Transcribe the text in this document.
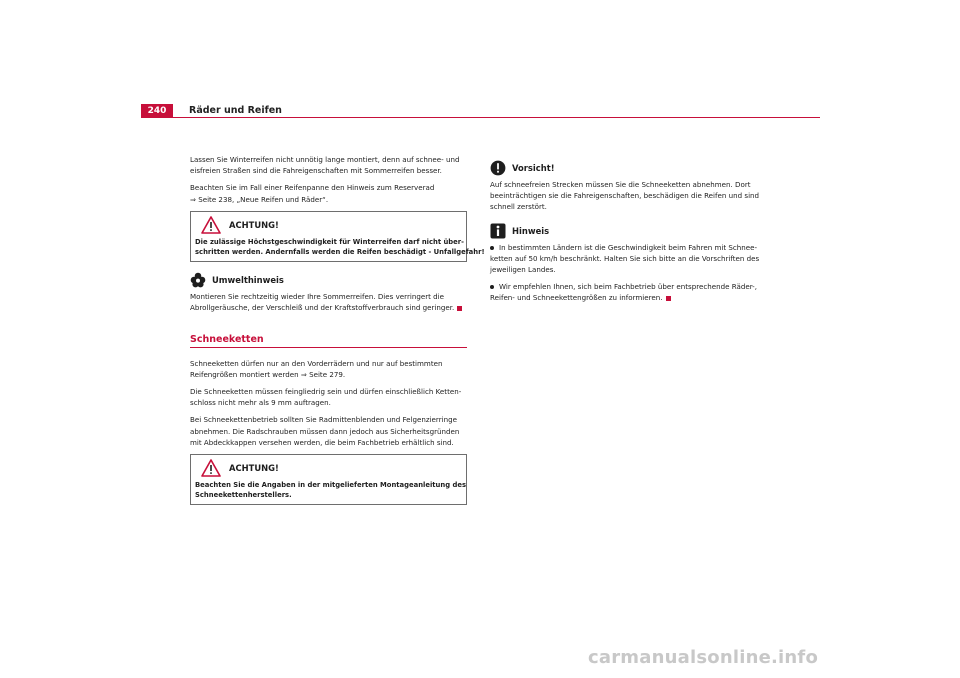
240	Räder und Reifen

Lassen Sie Winterreifen nicht unnötig lange montiert, denn auf schnee- und
eisfreien Straßen sind die Fahreigenschaften mit Sommerreifen besser.

Beachten Sie im Fall einer Reifenpanne den Hinweis zum Reserverad
⇒ Seite 238, „Neue Reifen und Räder“.

ACHTUNG!
Die zulässige Höchstgeschwindigkeit für Winterreifen darf nicht über-
schritten werden. Andernfalls werden die Reifen beschädigt - Unfallgefahr!
Umwelthinweis

Montieren Sie rechtzeitig wieder Ihre Sommerreifen. Dies verringert die
Abrollgeräusche, der Verschleiß und der Kraftstoffverbrauch sind geringer.

Schneeketten

Schneeketten dürfen nur an den Vorderrädern und nur auf bestimmten
Reifengrößen montiert werden ⇒ Seite 279.

Die Schneeketten müssen feingliedrig sein und dürfen einschließlich Ketten-
schloss nicht mehr als 9 mm auftragen.

Bei Schneekettenbetrieb sollten Sie Radmittenblenden und Felgenzierringe
abnehmen. Die Radschrauben müssen dann jedoch aus Sicherheitsgründen
mit Abdeckkappen versehen werden, die beim Fachbetrieb erhältlich sind.

ACHTUNG!
Beachten Sie die Angaben in der mitgelieferten Montageanleitung des
Schneekettenherstellers.
Vorsicht!

Auf schneefreien Strecken müssen Sie die Schneeketten abnehmen. Dort
beeinträchtigen sie die Fahreigenschaften, beschädigen die Reifen und sind
schnell zerstört.

Hinweis

In bestimmten Ländern ist die Geschwindigkeit beim Fahren mit Schnee-
ketten auf 50 km/h beschränkt. Halten Sie sich bitte an die Vorschriften des
jeweiligen Landes.

Wir empfehlen Ihnen, sich beim Fachbetrieb über entsprechende Räder-,
Reifen- und Schneekettengrößen zu informieren.

carmanualsonline.info
